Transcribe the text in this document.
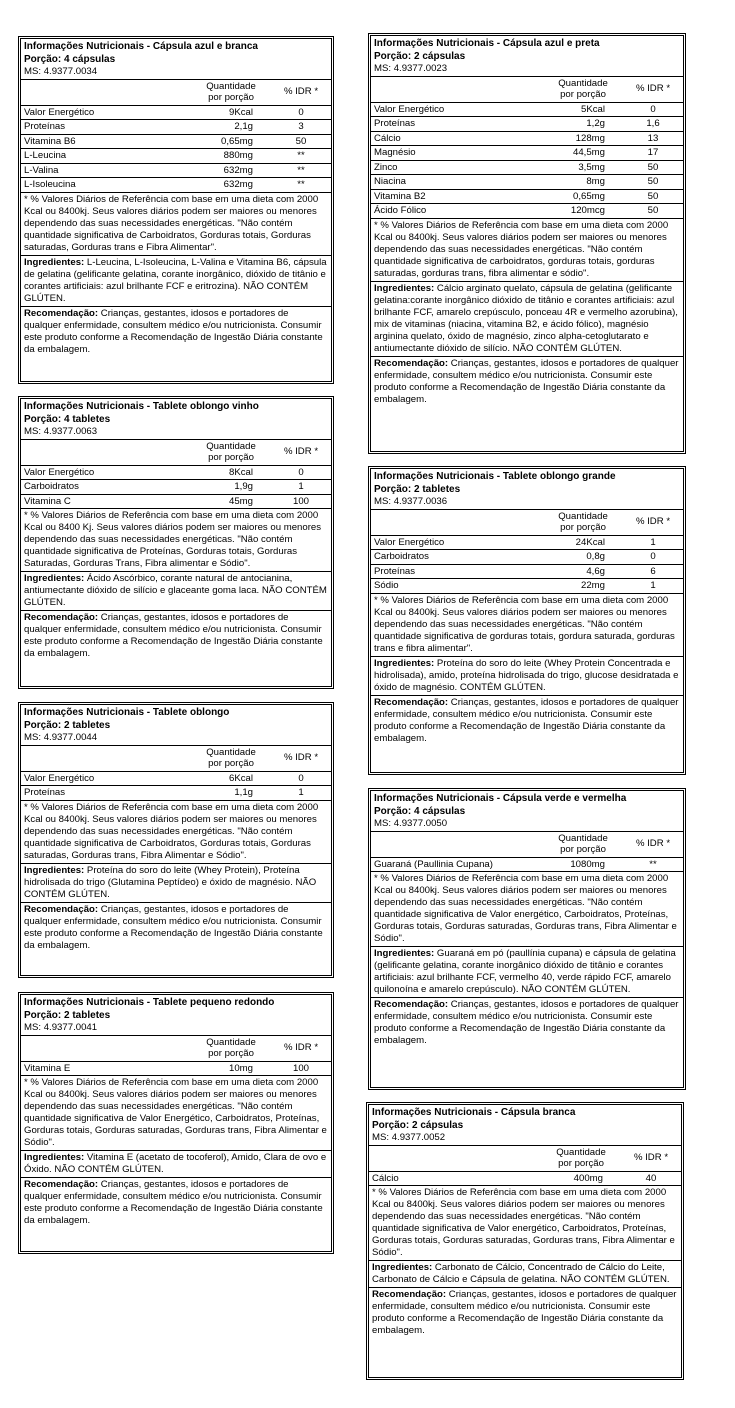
Informações Nutricionais - Cápsula azul e branca
Porção: 4 cápsulas
MS: 4.9377.0034
Quantidade
por porção
% IDR *
Valor Energético	9Kcal	0
Proteínas	2,1g	3
Vitamina B6	0,65mg	50
L-Leucina	880mg	**
L-Valina	632mg	**
L-Isoleucina	632mg	**
* % Valores Diários de Referência com base em uma dieta com 2000 Kcal ou 8400kj. Seus valores diários podem ser maiores ou menores dependendo das suas necessidades energéticas. "Não contém quantidade significativa de Carboidratos, Gorduras totais, Gorduras saturadas, Gorduras trans e Fibra Alimentar".
Ingredientes: L-Leucina, L-Isoleucina, L-Valina e Vitamina B6, cápsula de gelatina (gelificante gelatina, corante inorgânico, dióxido de titânio e corantes artificiais: azul brilhante FCF e eritrozina). NÃO CONTÉM GLÚTEN.
Recomendação: Crianças, gestantes, idosos e portadores de qualquer enfermidade, consultem médico e/ou nutricionista. Consumir este produto conforme a Recomendação de Ingestão Diária constante da embalagem.
Informações Nutricionais - Tablete oblongo vinho
Porção: 4 tabletes
MS: 4.9377.0063
Quantidade
por porção
% IDR *
Valor Energético	8Kcal	0
Carboidratos	1,9g	1
Vitamina C	45mg	100
* % Valores Diários de Referência com base em uma dieta com 2000 Kcal ou 8400 Kj. Seus valores diários podem ser maiores ou menores dependendo das suas necessidades energéticas. "Não contém quantidade significativa de Proteínas, Gorduras totais, Gorduras Saturadas, Gorduras Trans, Fibra alimentar e Sódio".
Ingredientes: Ácido Ascórbico, corante natural de antocianina, antiumectante dióxido de silício e glaceante goma laca. NÃO CONTÉM GLÚTEN.
Recomendação: Crianças, gestantes, idosos e portadores de qualquer enfermidade, consultem médico e/ou nutricionista. Consumir este produto conforme a Recomendação de Ingestão Diária constante da embalagem.
Informações Nutricionais - Tablete oblongo
Porção: 2 tabletes
MS: 4.9377.0044
Quantidade
por porção
% IDR *
Valor Energético	6Kcal	0
Proteínas	1,1g	1
* % Valores Diários de Referência com base em uma dieta com 2000 Kcal ou 8400kj. Seus valores diários podem ser maiores ou menores dependendo das suas necessidades energéticas. "Não contém quantidade significativa de Carboidratos, Gorduras totais, Gorduras saturadas, Gorduras trans, Fibra Alimentar e Sódio".
Ingredientes: Proteína do soro do leite (Whey Protein), Proteína hidrolisada do trigo (Glutamina Peptídeo) e óxido de magnésio. NÃO CONTÉM GLÚTEN.
Recomendação: Crianças, gestantes, idosos e portadores de qualquer enfermidade, consultem médico e/ou nutricionista. Consumir este produto conforme a Recomendação de Ingestão Diária constante da embalagem.
Informações Nutricionais - Tablete pequeno redondo
Porção: 2 tabletes
MS: 4.9377.0041
Quantidade
por porção
% IDR *
Vitamina E	10mg	100
* % Valores Diários de Referência com base em uma dieta com 2000 Kcal ou 8400kj. Seus valores diários podem ser maiores ou menores dependendo das suas necessidades energéticas. "Não contém quantidade significativa de Valor Energético, Carboidratos, Proteínas, Gorduras totais, Gorduras saturadas, Gorduras trans, Fibra Alimentar e Sódio".
Ingredientes: Vitamina E (acetato de tocoferol), Amido, Clara de ovo e Óxido. NÃO CONTÉM GLÚTEN.
Recomendação: Crianças, gestantes, idosos e portadores de qualquer enfermidade, consultem médico e/ou nutricionista. Consumir este produto conforme a Recomendação de Ingestão Diária constante da embalagem.
Informações Nutricionais - Cápsula azul e preta
Porção: 2 cápsulas
MS: 4.9377.0023
Quantidade
por porção
% IDR *
Valor Energético	5Kcal	0
Proteínas	1,2g	1,6
Cálcio	128mg	13
Magnésio	44,5mg	17
Zinco	3,5mg	50
Niacina	8mg	50
Vitamina B2	0,65mg	50
Ácido Fólico	120mcg	50
* % Valores Diários de Referência com base em uma dieta com 2000 Kcal ou 8400kj. Seus valores diários podem ser maiores ou menores dependendo das suas necessidades energéticas. "Não contém quantidade significativa de carboidratos, gorduras totais, gorduras saturadas, gorduras trans, fibra alimentar e sódio".
Ingredientes: Cálcio arginato quelato, cápsula de gelatina (gelificante gelatina:corante inorgânico dióxido de titânio e corantes artificiais: azul brilhante FCF, amarelo crepúsculo, ponceau 4R e vermelho azorubina), mix de vitaminas (niacina, vitamina B2, e ácido fólico), magnésio arginina quelato, óxido de magnésio, zinco alpha-cetoglutarato e antiumectante dióxido de silício. NÃO CONTÉM GLÚTEN.
Recomendação: Crianças, gestantes, idosos e portadores de qualquer enfermidade, consultem médico e/ou nutricionista. Consumir este produto conforme a Recomendação de Ingestão Diária constante da embalagem.
Informações Nutricionais - Tablete oblongo grande
Porção: 2 tabletes
MS: 4.9377.0036
Quantidade
por porção
% IDR *
Valor Energético	24Kcal	1
Carboidratos	0,8g	0
Proteínas	4,6g	6
Sódio	22mg	1
* % Valores Diários de Referência com base em uma dieta com 2000 Kcal ou 8400kj. Seus valores diários podem ser maiores ou menores dependendo das suas necessidades energéticas. "Não contém quantidade significativa de gorduras totais, gordura saturada, gorduras trans e fibra alimentar".
Ingredientes: Proteína do soro do leite (Whey Protein Concentrada e hidrolisada), amido, proteína hidrolisada do trigo, glucose desidratada e óxido de magnésio. CONTÉM GLÚTEN.
Recomendação: Crianças, gestantes, idosos e portadores de qualquer enfermidade, consultem médico e/ou nutricionista. Consumir este produto conforme a Recomendação de Ingestão Diária constante da embalagem.
Informações Nutricionais - Cápsula verde e vermelha
Porção: 4 cápsulas
MS: 4.9377.0050
Quantidade
por porção
% IDR *
Guaraná (Paullinia Cupana)	1080mg	**
* % Valores Diários de Referência com base em uma dieta com 2000 Kcal ou 8400kj. Seus valores diários podem ser maiores ou menores dependendo das suas necessidades energéticas. "Não contém quantidade significativa de Valor energético, Carboidratos, Proteínas, Gorduras totais, Gorduras saturadas, Gorduras trans, Fibra Alimentar e Sódio".
Ingredientes: Guaraná em pó (paullínia cupana) e cápsula de gelatina (gelificante gelatina, corante inorgânico dióxido de titânio e corantes artificiais: azul brilhante FCF, vermelho 40, verde rápido FCF, amarelo quilonoína e amarelo crepúsculo). NÃO CONTÉM GLÚTEN.
Recomendação: Crianças, gestantes, idosos e portadores de qualquer enfermidade, consultem médico e/ou nutricionista. Consumir este produto conforme a Recomendação de Ingestão Diária constante da embalagem.
Informações Nutricionais - Cápsula branca
Porção: 2 cápsulas
MS: 4.9377.0052
Quantidade
por porção
% IDR *
Cálcio	400mg	40
* % Valores Diários de Referência com base em uma dieta com 2000 Kcal ou 8400kj. Seus valores diários podem ser maiores ou menores dependendo das suas necessidades energéticas. "Não contém quantidade significativa de Valor energético, Carboidratos, Proteínas, Gorduras totais, Gorduras saturadas, Gorduras trans, Fibra Alimentar e Sódio".
Ingredientes: Carbonato de Cálcio, Concentrado de Cálcio do Leite, Carbonato de Cálcio e Cápsula de gelatina. NÃO CONTÉM GLÚTEN.
Recomendação: Crianças, gestantes, idosos e portadores de qualquer enfermidade, consultem médico e/ou nutricionista. Consumir este produto conforme a Recomendação de Ingestão Diária constante da embalagem.
